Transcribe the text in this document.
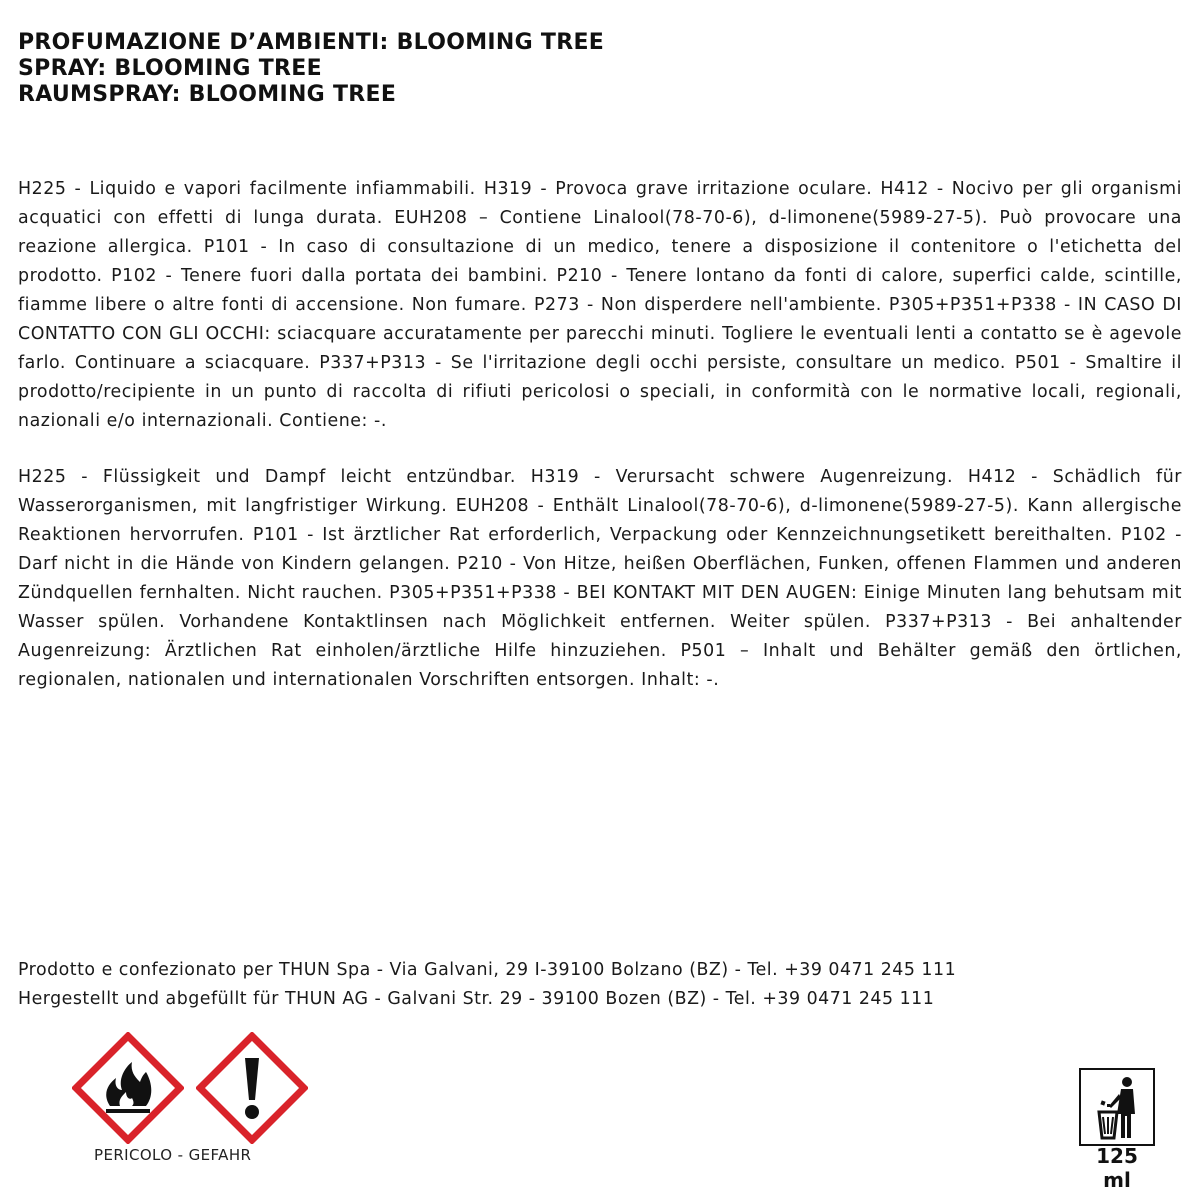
PROFUMAZIONE D’AMBIENTI: BLOOMING TREE
SPRAY: BLOOMING TREE
RAUMSPRAY: BLOOMING TREE
H225 - Liquido e vapori facilmente infiammabili. H319 - Provoca grave irritazione oculare. H412 - Nocivo per gli organismi acquatici con effetti di lunga durata. EUH208 – Contiene Linalool(78-70-6), d-limonene(5989-27-5). Può provocare una reazione allergica. P101 - In caso di consultazione di un medico, tenere a disposizione il contenitore o l'etichetta del prodotto. P102 - Tenere fuori dalla portata dei bambini. P210 - Tenere lontano da fonti di calore, superfici calde, scintille, fiamme libere o altre fonti di accensione. Non fumare. P273 - Non disperdere nell'ambiente. P305+P351+P338 - IN CASO DI CONTATTO CON GLI OCCHI: sciacquare accuratamente per parecchi minuti. Togliere le eventuali lenti a contatto se è agevole farlo. Continuare a sciacquare. P337+P313 - Se l'irritazione degli occhi persiste, consultare un medico. P501 - Smaltire il prodotto/recipiente in un punto di raccolta di rifiuti pericolosi o speciali, in conformità con le normative locali, regionali, nazionali e/o internazionali. Contiene: -.
H225 - Flüssigkeit und Dampf leicht entzündbar. H319 - Verursacht schwere Augenreizung. H412 - Schädlich für Wasserorganismen, mit langfristiger Wirkung. EUH208 - Enthält Linalool(78-70-6), d-limonene(5989-27-5). Kann allergische Reaktionen hervorrufen. P101 - Ist ärztlicher Rat erforderlich, Verpackung oder Kennzeichnungsetikett bereithalten. P102 - Darf nicht in die Hände von Kindern gelangen. P210 - Von Hitze, heißen Oberflächen, Funken, offenen Flammen und anderen Zündquellen fernhalten. Nicht rauchen. P305+P351+P338 - BEI KONTAKT MIT DEN AUGEN: Einige Minuten lang behutsam mit Wasser spülen. Vorhandene Kontaktlinsen nach Möglichkeit entfernen. Weiter spülen. P337+P313 - Bei anhaltender Augenreizung: Ärztlichen Rat einholen/ärztliche Hilfe hinzuziehen. P501 – Inhalt und Behälter gemäß den örtlichen, regionalen, nationalen und internationalen Vorschriften entsorgen. Inhalt: -.
Prodotto e confezionato per THUN Spa - Via Galvani, 29 I-39100 Bolzano (BZ) - Tel. +39 0471 245 111
Hergestellt und abgefüllt für THUN AG - Galvani Str. 29 - 39100 Bozen (BZ) - Tel. +39 0471 245 111
PERICOLO - GEFAHR	125
ml
